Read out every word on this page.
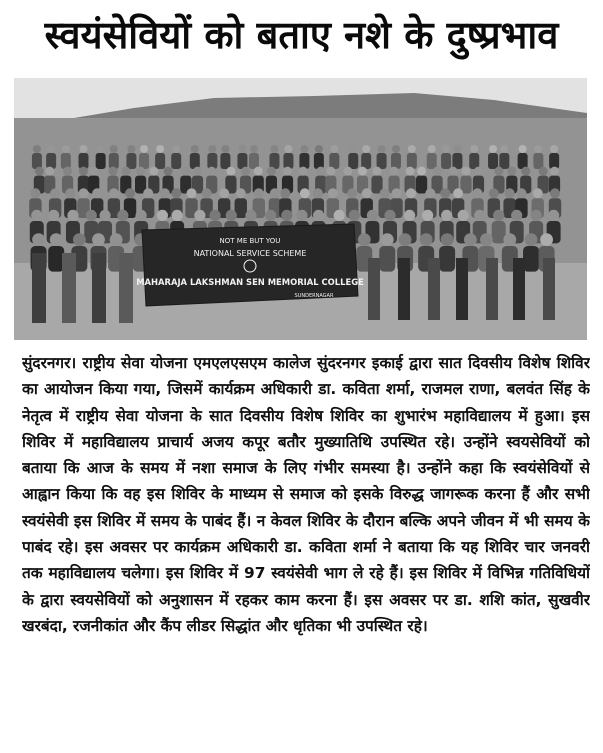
स्वयंसेवियों को बताए नशे के दुष्प्रभाव
NOT ME BUT YOU
NATIONAL SERVICE SCHEME
MAHARAJA LAKSHMAN SEN MEMORIAL COLLEGE
SUNDERNAGAR
सुंदरनगर। राष्ट्रीय सेवा योजना एमएलएसएम कालेज सुंदरनगर इकाई द्वारा सात दिवसीय विशेष शिविर का आयोजन किया गया, जिसमें कार्यक्रम अधिकारी डा. कविता शर्मा, राजमल राणा, बलवंत सिंह के नेतृत्व में राष्ट्रीय सेवा योजना के सात दिवसीय विशेष शिविर का शुभारंभ महाविद्यालय में हुआ। इस शिविर में महाविद्यालय प्राचार्य अजय कपूर बतौर मुख्यातिथि उपस्थित रहे। उन्होंने स्वयसेवियों को बताया कि आज के समय में नशा समाज के लिए गंभीर समस्या है। उन्होंने कहा कि स्वयंसेवियों से आह्वान किया कि वह इस शिविर के माध्यम से समाज को इसके विरुद्ध जागरूक करना हैं और सभी स्वयंसेवी इस शिविर में समय के पाबंद हैं। न केवल शिविर के दौरान बल्कि अपने जीवन में भी समय के पाबंद रहे। इस अवसर पर कार्यक्रम अधिकारी डा. कविता शर्मा ने बताया कि यह शिविर चार जनवरी तक महाविद्यालय चलेगा। इस शिविर में 97 स्वयंसेवी भाग ले रहे हैं। इस शिविर में विभिन्न गतिविधियों के द्वारा स्वयसेवियों को अनुशासन में रहकर काम करना हैं। इस अवसर पर डा. शशि कांत, सुखवीर खरबंदा, रजनीकांत और कैंप लीडर सिद्धांत और धृतिका भी उपस्थित रहे।
